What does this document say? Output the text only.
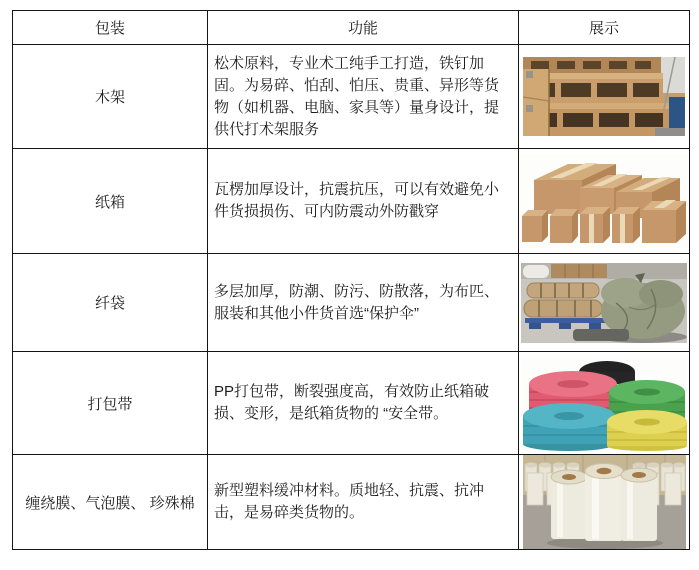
包装	功能	展示
木架	松术原料，专业术工纯手工打造，铁钉加 固。为易碎、怕刮、怕压、贵重、异形等货 物（如机器、电脑、家具等）量身设计，提 供代打术架服务	

纸箱	瓦楞加厚设计，抗震抗压，可以有效避免小 件货损损伤、可内防震动外防戳穿	

纤袋	多层加厚，防潮、防污、防散落，为布匹、 服装和其他小件货首选“保护伞”	

打包带	PP打包带，断裂强度高，有效防止纸箱破 损、变形，是纸箱货物的 “安全带。	

缠绕膜、气泡膜、 珍殊棉	新型塑料缓冲材料。质地轻、抗震、抗冲 击，是易碎类货物的。	
